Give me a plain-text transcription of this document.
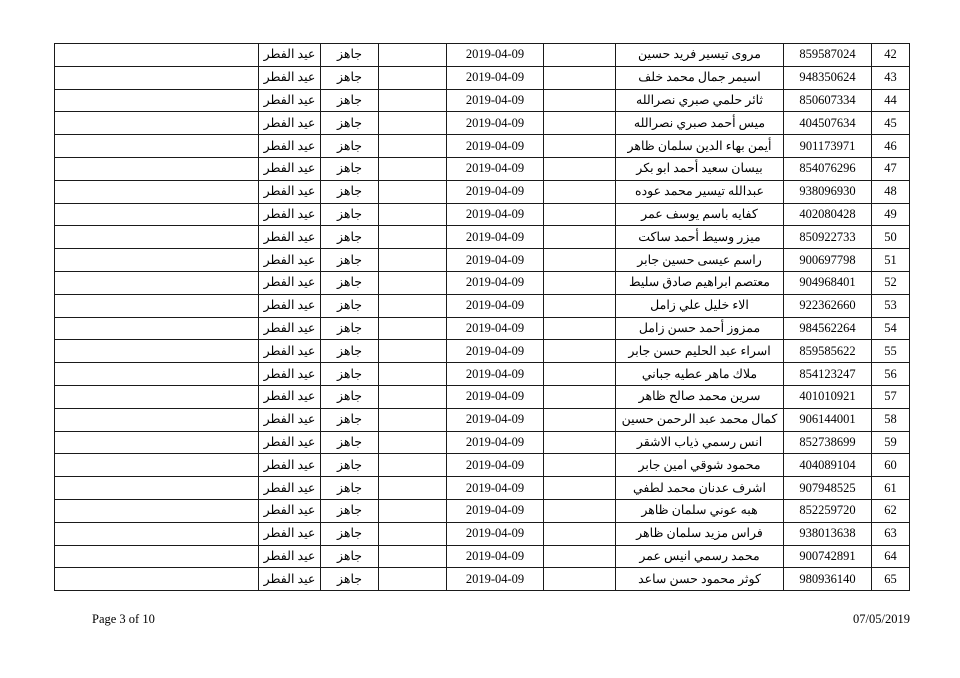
42	859587024	مروى تيسير فريد حسين		2019-04-09		جاهز	عيد الفطر	
43	948350624	اسيمر جمال محمد خلف		2019-04-09		جاهز	عيد الفطر	
44	850607334	ثائر حلمي صبري نصرالله		2019-04-09		جاهز	عيد الفطر	
45	404507634	ميس أحمد صبري نصرالله		2019-04-09		جاهز	عيد الفطر	
46	901173971	أيمن بهاء الدين سلمان ظاهر		2019-04-09		جاهز	عيد الفطر	
47	854076296	بيسان سعيد أحمد ابو بكر		2019-04-09		جاهز	عيد الفطر	
48	938096930	عبدالله تيسير محمد عوده		2019-04-09		جاهز	عيد الفطر	
49	402080428	كفايه باسم يوسف عمر		2019-04-09		جاهز	عيد الفطر	
50	850922733	ميزر وسيط أحمد ساكت		2019-04-09		جاهز	عيد الفطر	
51	900697798	راسم عيسى حسين جابر		2019-04-09		جاهز	عيد الفطر	
52	904968401	معتصم ابراهيم صادق سليط		2019-04-09		جاهز	عيد الفطر	
53	922362660	الاء خليل علي زامل		2019-04-09		جاهز	عيد الفطر	
54	984562264	ممزوز أحمد حسن زامل		2019-04-09		جاهز	عيد الفطر	
55	859585622	اسراء عبد الحليم حسن جابر		2019-04-09		جاهز	عيد الفطر	
56	854123247	ملاك ماهر عطيه جباني		2019-04-09		جاهز	عيد الفطر	
57	401010921	سرين محمد صالح ظاهر		2019-04-09		جاهز	عيد الفطر	
58	906144001	كمال محمد عبد الرحمن حسين		2019-04-09		جاهز	عيد الفطر	
59	852738699	انس رسمي ذياب الاشقر		2019-04-09		جاهز	عيد الفطر	
60	404089104	محمود شوقي امين جابر		2019-04-09		جاهز	عيد الفطر	
61	907948525	اشرف عدنان محمد لطفي		2019-04-09		جاهز	عيد الفطر	
62	852259720	هبه عوني سلمان ظاهر		2019-04-09		جاهز	عيد الفطر	
63	938013638	فراس مزيد سلمان ظاهر		2019-04-09		جاهز	عيد الفطر	
64	900742891	محمد رسمي انيس عمر		2019-04-09		جاهز	عيد الفطر	
65	980936140	كوثر محمود حسن ساعد		2019-04-09		جاهز	عيد الفطر	
Page 3 of 10	07/05/2019
